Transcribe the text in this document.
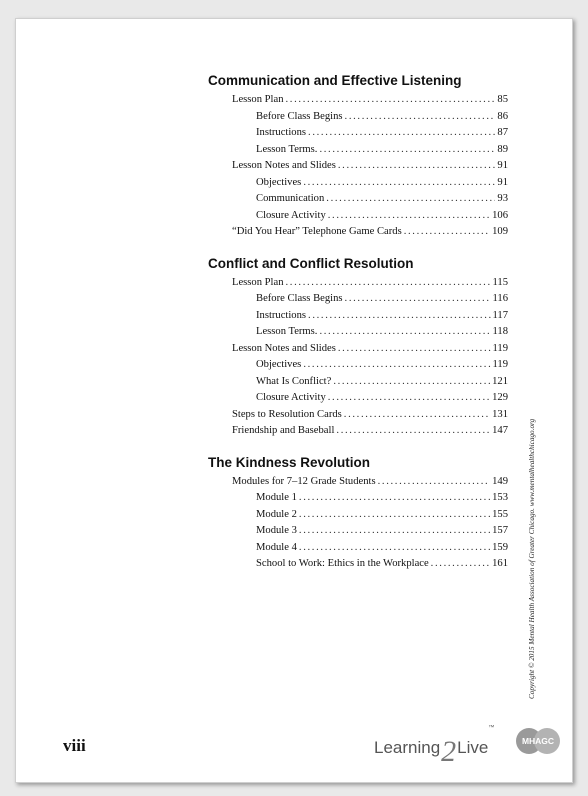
Communication and Effective Listening
Lesson Plan . . .	85
Before Class Begins . . .	86
Instructions . . .	87
Lesson Terms. . . .	89
Lesson Notes and Slides . . .	91
Objectives . . .	91
Communication . . .	93
Closure Activity . . .	106
“Did You Hear” Telephone Game Cards . . .	109
Conflict and Conflict Resolution
Lesson Plan . . .	115
Before Class Begins . . .	116
Instructions . . .	117
Lesson Terms. . . .	118
Lesson Notes and Slides . . .	119
Objectives . . .	119
What Is Conflict? . . .	121
Closure Activity . . .	129
Steps to Resolution Cards . . .	131
Friendship and Baseball . . .	147
The Kindness Revolution
Modules for 7–12 Grade Students . . .	149
Module 1 . . .	153
Module 2 . . .	155
Module 3 . . .	157
Module 4 . . .	159
School to Work: Ethics in the Workplace . . .	161	Copyright © 2015 Mental Health Association of Greater Chicago. www.mentalhealthchicago.org
viii	Learning2Live™
MHAGC
